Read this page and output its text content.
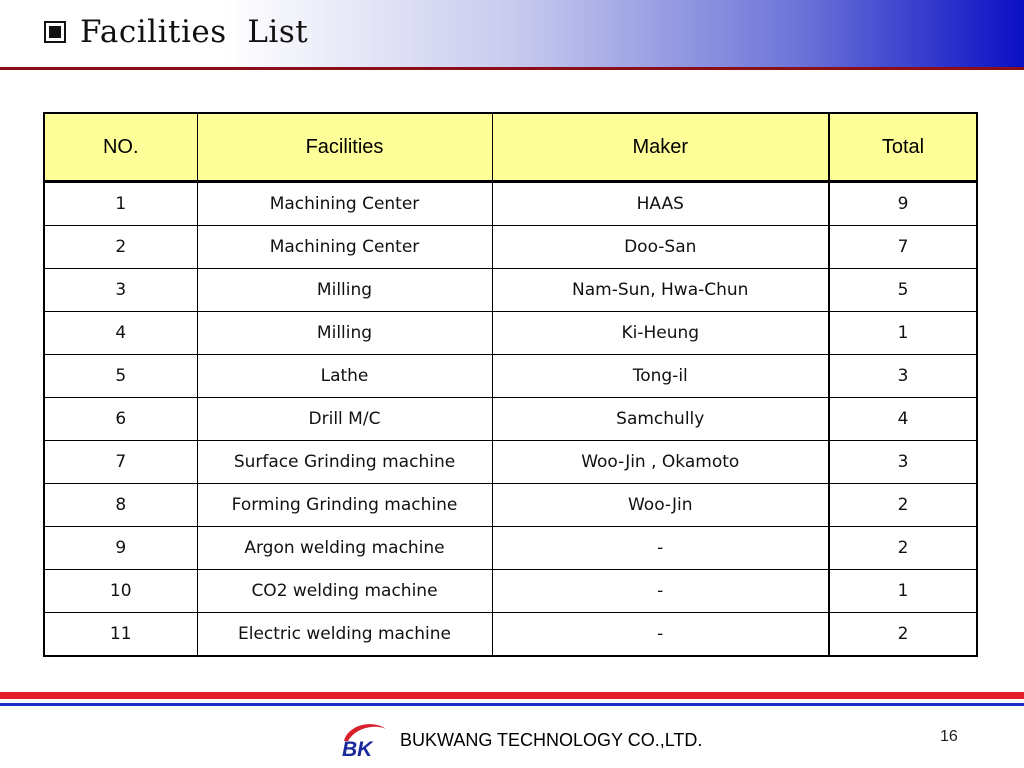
Facilities  List
NO.	Facilities	Maker	Total
1	Machining Center	HAAS	9
2	Machining Center	Doo-San	7
3	Milling	Nam-Sun, Hwa-Chun	5
4	Milling	Ki-Heung	1
5	Lathe	Tong-il	3
6	Drill M/C	Samchully	4
7	Surface Grinding machine	Woo-Jin , Okamoto	3
8	Forming Grinding machine	Woo-Jin	2
9	Argon welding machine	-	2
10	CO2 welding machine	-	1
11	Electric welding machine	-	2
BK BUKWANG TECHNOLOGY CO.,LTD.	16
